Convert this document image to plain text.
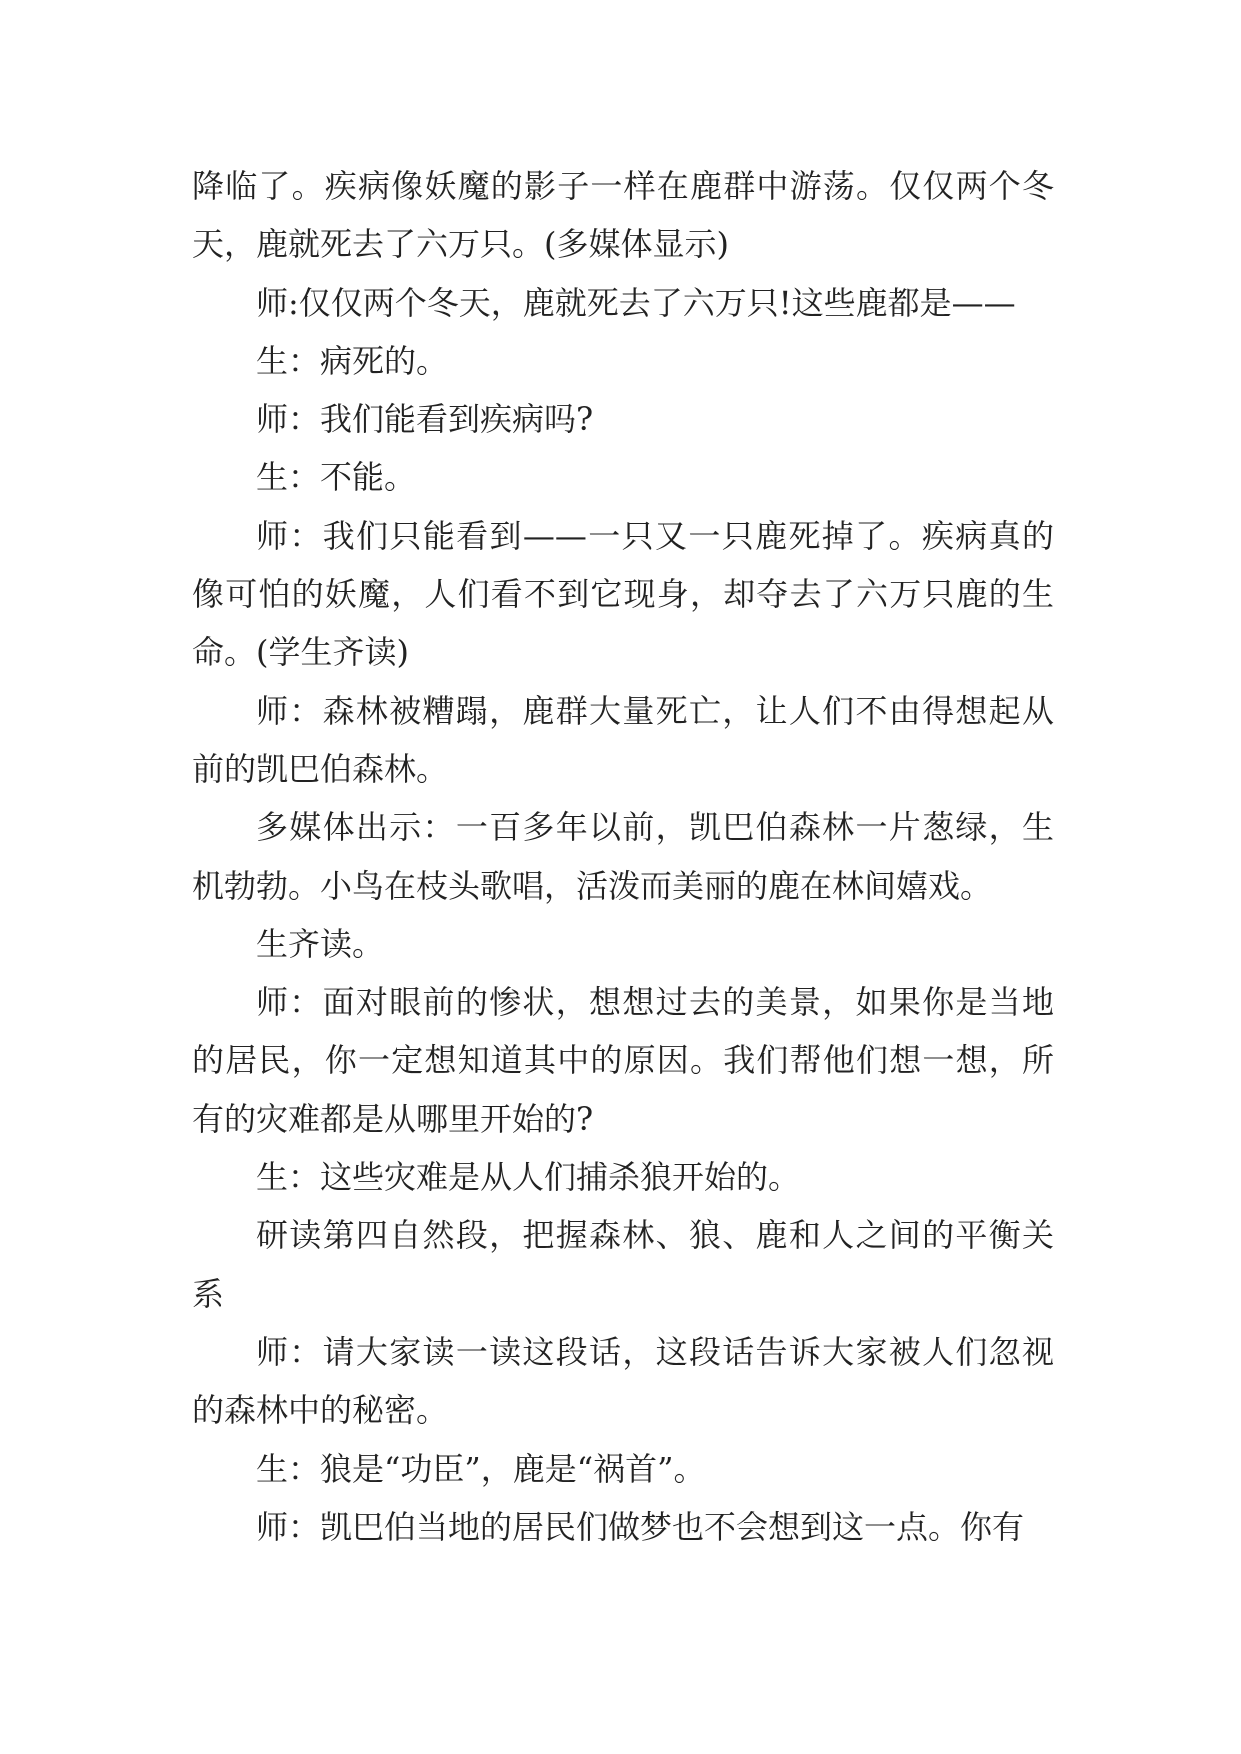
降临了。疾病像妖魔的影子一样在鹿群中游荡。仅仅两个冬天，鹿就死去了六万只。(多媒体显示)

师:仅仅两个冬天，鹿就死去了六万只!这些鹿都是——

生：病死的。

师：我们能看到疾病吗?

生：不能。

师：我们只能看到——一只又一只鹿死掉了。疾病真的像可怕的妖魔，人们看不到它现身，却夺去了六万只鹿的生命。(学生齐读)

师：森林被糟蹋，鹿群大量死亡，让人们不由得想起从前的凯巴伯森林。

多媒体出示：一百多年以前，凯巴伯森林一片葱绿，生机勃勃。小鸟在枝头歌唱，活泼而美丽的鹿在林间嬉戏。

生齐读。

师：面对眼前的惨状，想想过去的美景，如果你是当地的居民，你一定想知道其中的原因。我们帮他们想一想，所有的灾难都是从哪里开始的?

生：这些灾难是从人们捕杀狼开始的。

研读第四自然段，把握森林、狼、鹿和人之间的平衡关系

师：请大家读一读这段话，这段话告诉大家被人们忽视的森林中的秘密。

生：狼是“功臣”，鹿是“祸首”。

师：凯巴伯当地的居民们做梦也不会想到这一点。你有
